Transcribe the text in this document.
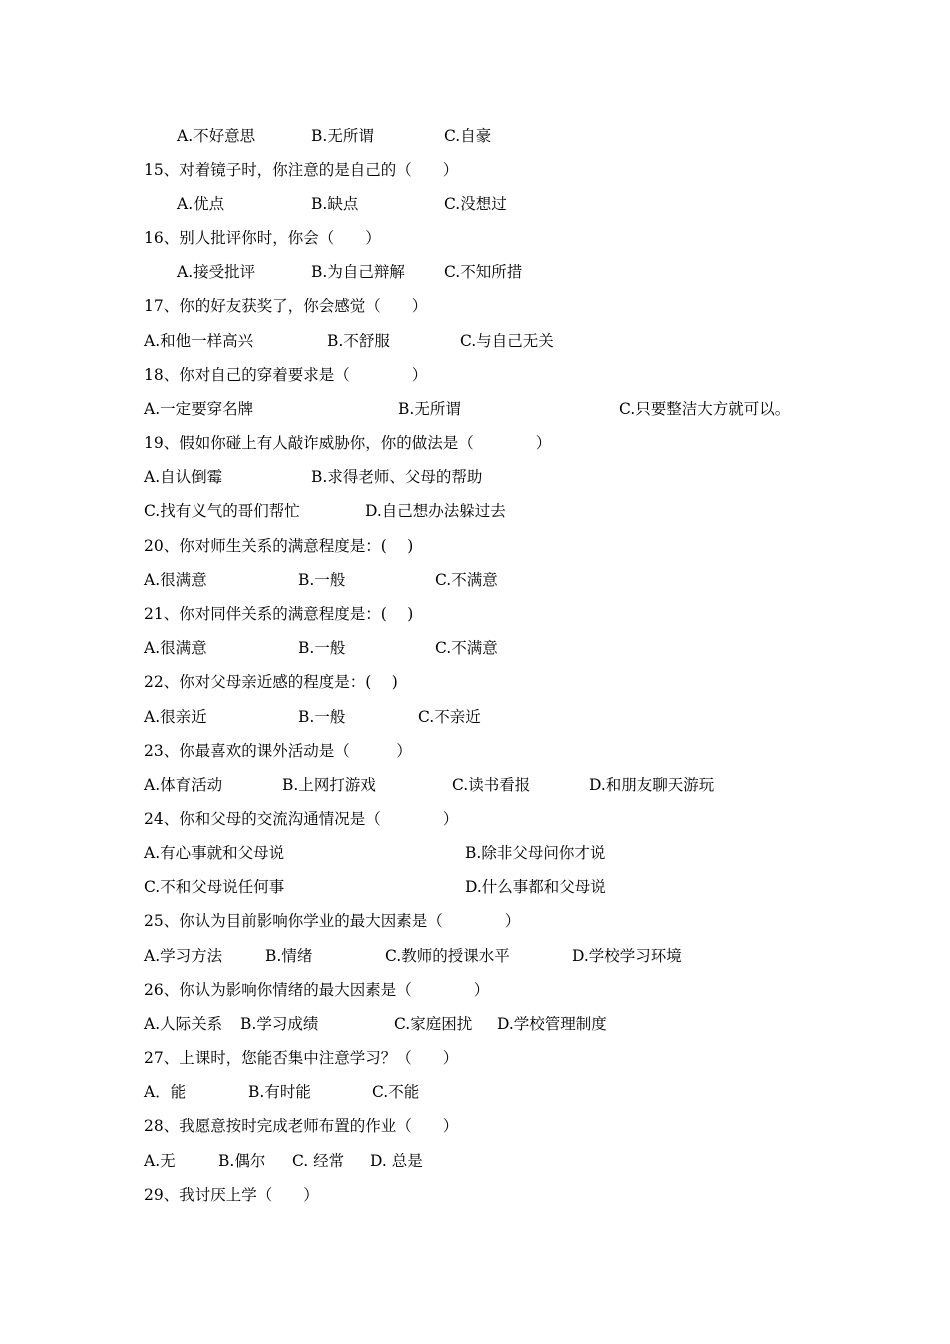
A.不好意思

	B.无所谓

	C.自豪

15、对着镜子时，你注意的是自己的（　　）

A.优点

	B.缺点

	C.没想过

16、别人批评你时，你会（　　）

A.接受批评

	B.为自己辩解

	C.不知所措

17、你的好友获奖了，你会感觉（　　）

A.和他一样高兴

	B.不舒服

	C.与自己无关

18、你对自己的穿着要求是（　　　　）

A.一定要穿名牌

	B.无所谓

	C.只要整洁大方就可以。

19、假如你碰上有人敲诈威胁你，你的做法是（　　　　）

A.自认倒霉

	B.求得老师、父母的帮助

C.找有义气的哥们帮忙

	D.自己想办法躲过去

20、你对师生关系的满意程度是：(　 )

A.很满意

	B.一般

	C.不满意

21、你对同伴关系的满意程度是：(　 )

A.很满意

	B.一般

	C.不满意

22、你对父母亲近感的程度是：(　 )

A.很亲近

	B.一般

	C.不亲近

23、你最喜欢的课外活动是（　　　）

A.体育活动

	B.上网打游戏

	C.读书看报

	D.和朋友聊天游玩

24、你和父母的交流沟通情况是（　　　　）

A.有心事就和父母说

	B.除非父母问你才说

C.不和父母说任何事

	D.什么事都和父母说

25、你认为目前影响你学业的最大因素是（　　　　）

A.学习方法

	B.情绪

	C.教师的授课水平

	D.学校学习环境

26、你认为影响你情绪的最大因素是（　　　　）

A.人际关系

B.学习成绩

	C.家庭困扰

D.学校管理制度

27、上课时，您能否集中注意学习？（　　）

A．能

	B.有时能

	C.不能

28、我愿意按时完成老师布置的作业（　　）

A.无

	B.偶尔

C. 经常

D. 总是

29、我讨厌上学（　　）
